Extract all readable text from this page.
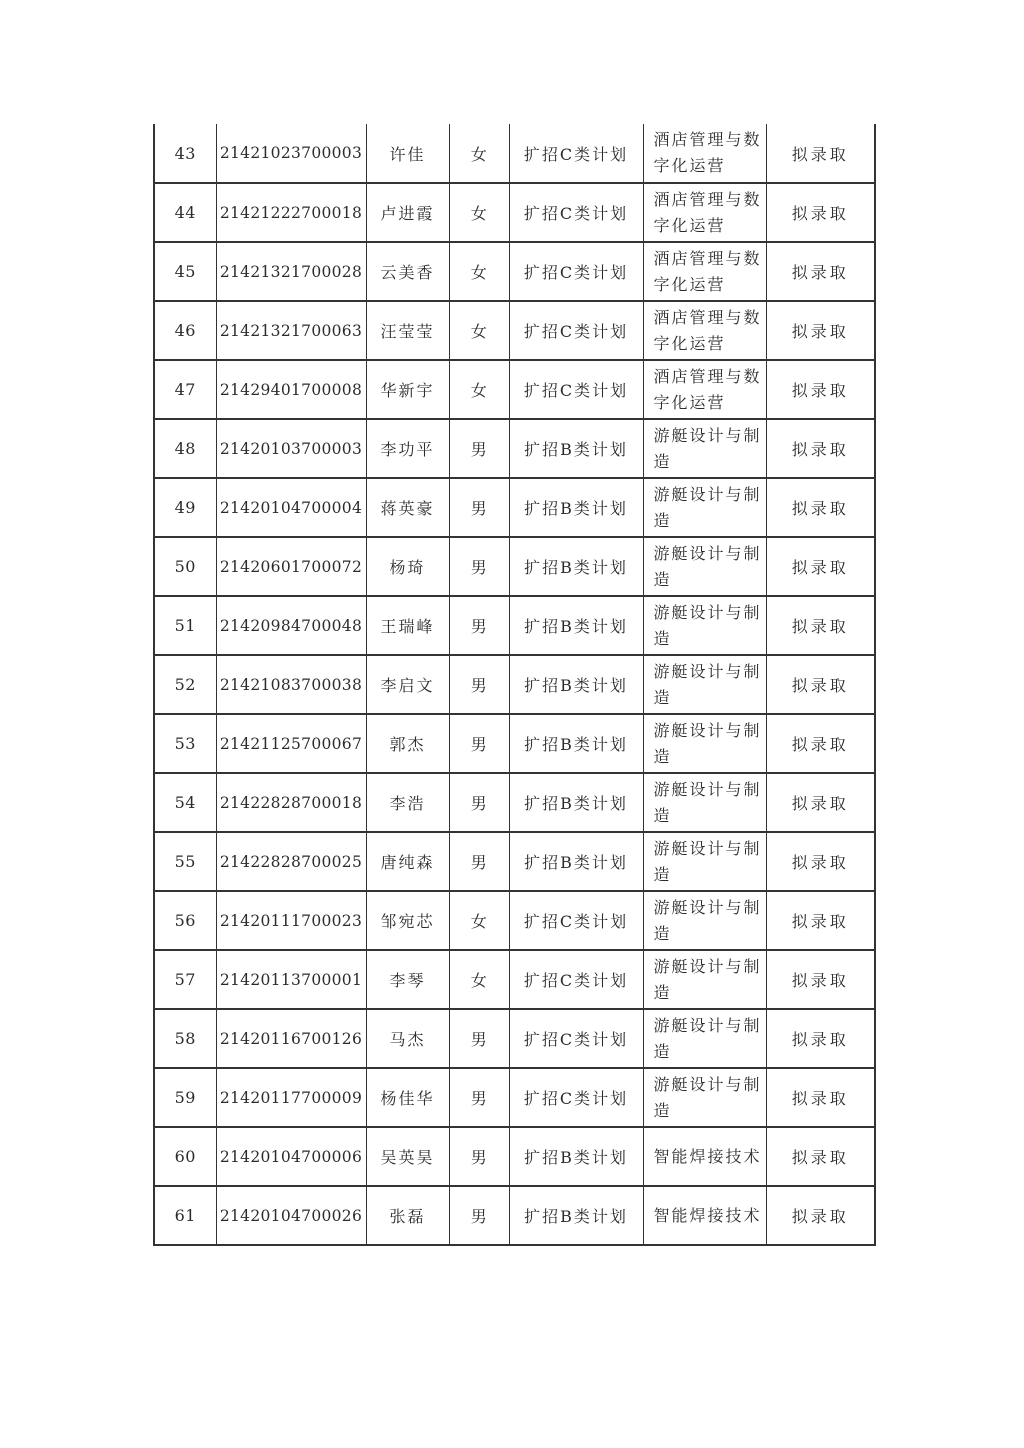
43	21421023700003	许佳	女	扩招C类计划	酒店管理与数字化运营	拟录取
44	21421222700018	卢进霞	女	扩招C类计划	酒店管理与数字化运营	拟录取
45	21421321700028	云美香	女	扩招C类计划	酒店管理与数字化运营	拟录取
46	21421321700063	汪莹莹	女	扩招C类计划	酒店管理与数字化运营	拟录取
47	21429401700008	华新宇	女	扩招C类计划	酒店管理与数字化运营	拟录取
48	21420103700003	李功平	男	扩招B类计划	游艇设计与制造	拟录取
49	21420104700004	蒋英豪	男	扩招B类计划	游艇设计与制造	拟录取
50	21420601700072	杨琦	男	扩招B类计划	游艇设计与制造	拟录取
51	21420984700048	王瑞峰	男	扩招B类计划	游艇设计与制造	拟录取
52	21421083700038	李启文	男	扩招B类计划	游艇设计与制造	拟录取
53	21421125700067	郭杰	男	扩招B类计划	游艇设计与制造	拟录取
54	21422828700018	李浩	男	扩招B类计划	游艇设计与制造	拟录取
55	21422828700025	唐纯森	男	扩招B类计划	游艇设计与制造	拟录取
56	21420111700023	邹宛芯	女	扩招C类计划	游艇设计与制造	拟录取
57	21420113700001	李琴	女	扩招C类计划	游艇设计与制造	拟录取
58	21420116700126	马杰	男	扩招C类计划	游艇设计与制造	拟录取
59	21420117700009	杨佳华	男	扩招C类计划	游艇设计与制造	拟录取
60	21420104700006	吴英昊	男	扩招B类计划	智能焊接技术	拟录取
61	21420104700026	张磊	男	扩招B类计划	智能焊接技术	拟录取
